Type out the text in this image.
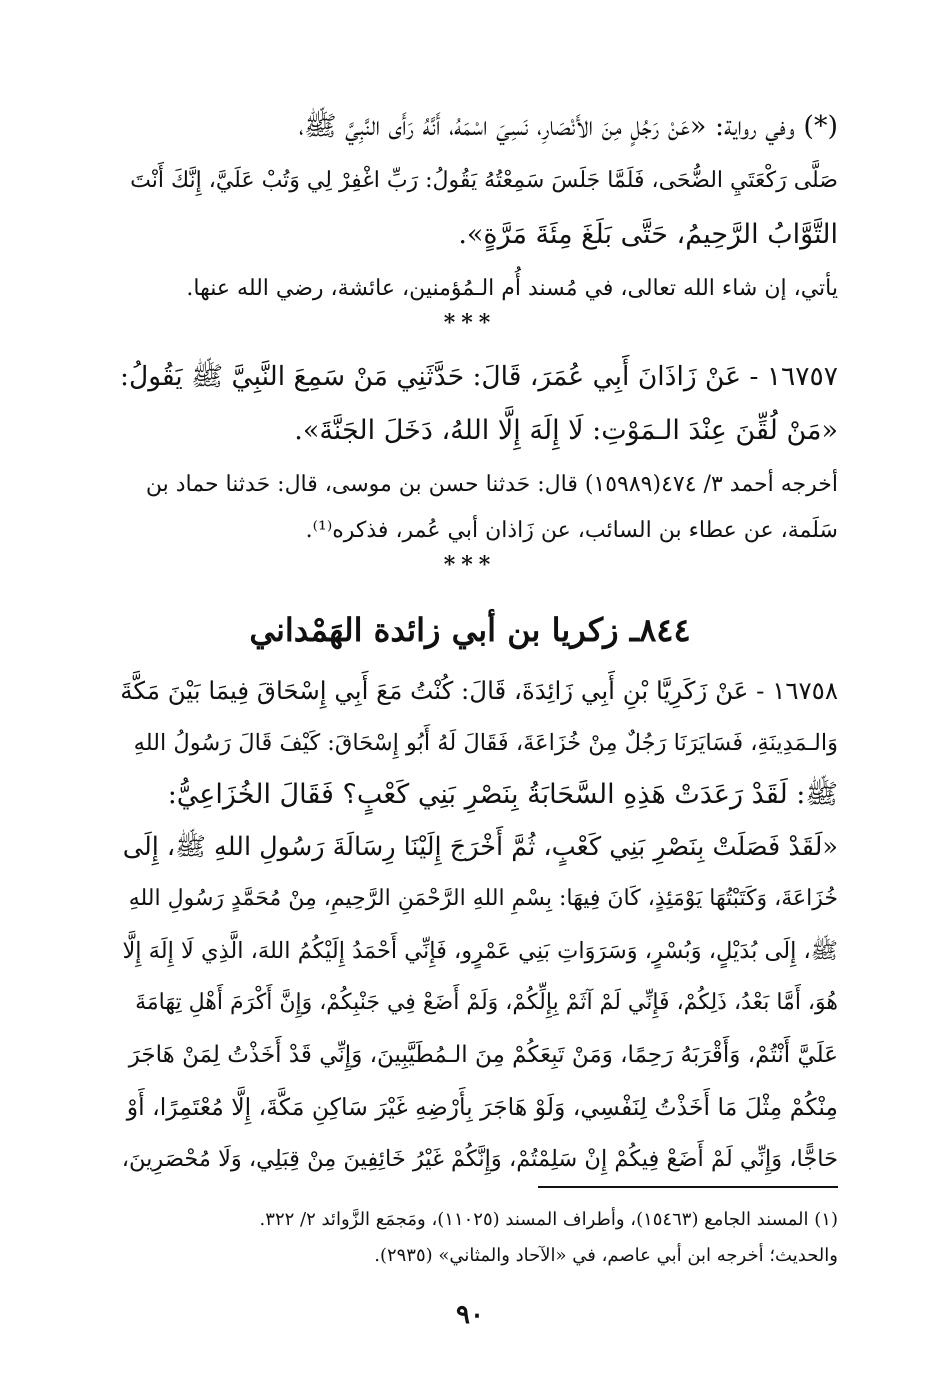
(*) وفي رواية: «عَنْ رَجُلٍ مِنَ الأَنْصَارِ، نَسِيَ اسْمَهُ، أَنَّهُ رَأَى النَّبِيَّ ﷺ،
صَلَّى رَكْعَتَيِ الضُّحَى، فَلَمَّا جَلَسَ سَمِعْتُهُ يَقُولُ: رَبِّ اغْفِرْ لِي وَتُبْ عَلَيَّ، إِنَّكَ أَنْتَ
التَّوَّابُ الرَّحِيمُ، حَتَّى بَلَغَ مِئَةَ مَرَّةٍ».
يأتي، إن شاء الله تعالى، في مُسند أُم الـمُؤمنين، عائشة، رضي الله عنها.
***
١٦٧٥٧ - عَنْ زَاذَانَ أَبِي عُمَرَ، قَالَ: حَدَّثَنِي مَنْ سَمِعَ النَّبِيَّ ﷺ يَقُولُ:
«مَنْ لُقِّنَ عِنْدَ الـمَوْتِ: لَا إِلَهَ إِلَّا اللهُ، دَخَلَ الجَنَّةَ».
أخرجه أحمد ٣/ ٤٧٤(١٥٩٨٩) قال: حَدثنا حسن بن موسى، قال: حَدثنا حماد بن
سَلَمة، عن عطاء بن السائب، عن زَاذان أبي عُمر، فذكره⁽¹⁾.
***
٨٤٤ـ زكريا بن أبي زائدة الهَمْداني
١٦٧٥٨ - عَنْ زَكَرِيَّا بْنِ أَبِي زَائِدَةَ، قَالَ: كُنْتُ مَعَ أَبِي إِسْحَاقَ فِيمَا بَيْنَ مَكَّةَ
وَالـمَدِينَةِ، فَسَايَرَنَا رَجُلٌ مِنْ خُزَاعَةَ، فَقَالَ لَهُ أَبُو إِسْحَاقَ: كَيْفَ قَالَ رَسُولُ اللهِ
ﷺ: لَقَدْ رَعَدَتْ هَذِهِ السَّحَابَةُ بِنَصْرِ بَنِي كَعْبٍ؟ فَقَالَ الخُزَاعِيُّ:
«لَقَدْ فَصَلَتْ بِنَصْرِ بَنِي كَعْبٍ، ثُمَّ أَخْرَجَ إِلَيْنَا رِسَالَةَ رَسُولِ اللهِ ﷺ، إِلَى
خُزَاعَةَ، وَكَتَبْتُهَا يَوْمَئِذٍ، كَانَ فِيهَا: بِسْمِ اللهِ الرَّحْمَنِ الرَّحِيمِ، مِنْ مُحَمَّدٍ رَسُولِ اللهِ
ﷺ، إِلَى بُدَيْلٍ، وَبُسْرٍ، وَسَرَوَاتِ بَنِي عَمْرٍو، فَإِنِّي أَحْمَدُ إِلَيْكُمُ اللهَ، الَّذِي لَا إِلَهَ إِلَّا
هُوَ، أَمَّا بَعْدُ، ذَلِكُمْ، فَإِنِّي لَمْ آثَمْ بِإِلِّكُمْ، وَلَمْ أَضَعْ فِي جَنْبِكُمْ، وَإِنَّ أَكْرَمَ أَهْلِ تِهَامَةَ
عَلَيَّ أَنْتُمْ، وَأَقْرَبَهُ رَحِمًا، وَمَنْ تَبِعَكُمْ مِنَ الـمُطَيَّبِينَ، وَإِنِّي قَدْ أَخَذْتُ لِمَنْ هَاجَرَ
مِنْكُمْ مِثْلَ مَا أَخَذْتُ لِنَفْسِي، وَلَوْ هَاجَرَ بِأَرْضِهِ غَيْرَ سَاكِنِ مَكَّةَ، إِلَّا مُعْتَمِرًا، أَوْ
حَاجًّا، وَإِنِّي لَمْ أَضَعْ فِيكُمْ إِنْ سَلِمْتُمْ، وَإِنَّكُمْ غَيْرُ خَائِفِينَ مِنْ قِبَلِي، وَلَا مُحْصَرِينَ،
(١) المسند الجامع (١٥٤٦٣)، وأطراف المسند (١١٠٢٥)، ومَجمَع الزَّوائد ٢/ ٣٢٢.
والحديث؛ أخرجه ابن أبي عاصم، في «الآحاد والمثاني» (٢٩٣٥).
٩٠
